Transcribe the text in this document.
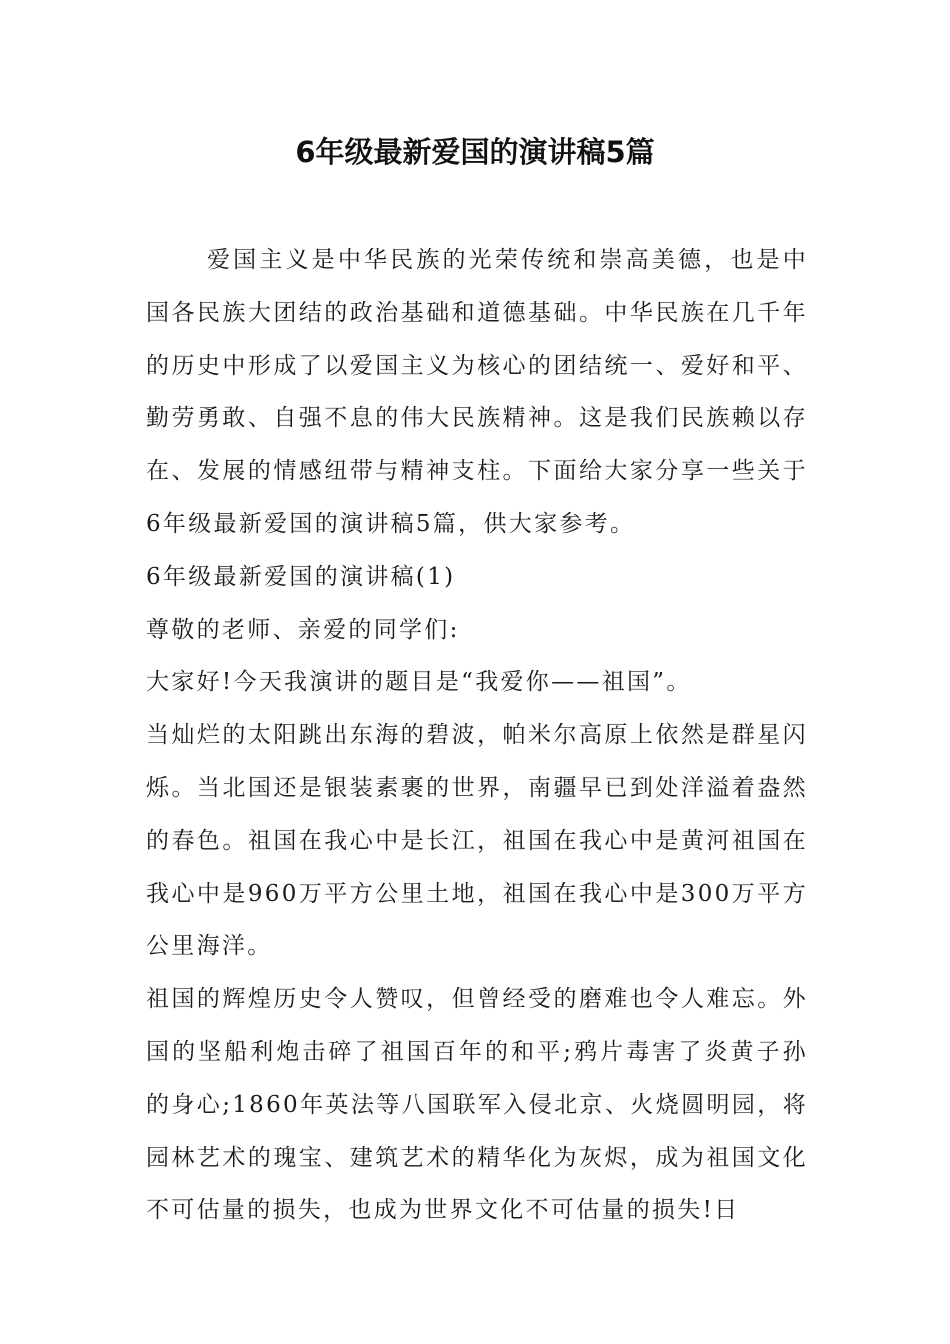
6年级最新爱国的演讲稿5篇

爱国主义是中华民族的光荣传统和崇高美德，也是中国各民族大团结的政治基础和道德基础。中华民族在几千年的历史中形成了以爱国主义为核心的团结统一、爱好和平、勤劳勇敢、自强不息的伟大民族精神。这是我们民族赖以存在、发展的情感纽带与精神支柱。下面给大家分享一些关于6年级最新爱国的演讲稿5篇，供大家参考。

6年级最新爱国的演讲稿(1)

尊敬的老师、亲爱的同学们:

大家好!今天我演讲的题目是“我爱你——祖国”。

当灿烂的太阳跳出东海的碧波，帕米尔高原上依然是群星闪烁。当北国还是银装素裹的世界，南疆早已到处洋溢着盎然的春色。祖国在我心中是长江，祖国在我心中是黄河祖国在我心中是960万平方公里土地，祖国在我心中是300万平方公里海洋。

祖国的辉煌历史令人赞叹，但曾经受的磨难也令人难忘。外国的坚船利炮击碎了祖国百年的和平;鸦片毒害了炎黄子孙的身心;1860年英法等八国联军入侵北京、火烧圆明园，将园林艺术的瑰宝、建筑艺术的精华化为灰烬，成为祖国文化不可估量的损失，也成为世界文化不可估量的损失!日
